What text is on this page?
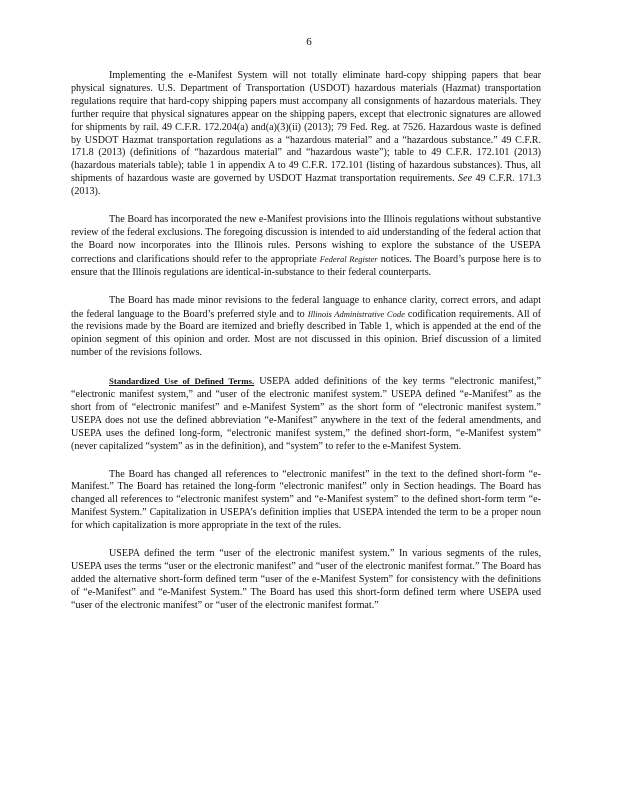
6

Implementing the e-Manifest System will not totally eliminate hard-copy shipping papers that bear physical signatures. U.S. Department of Transportation (USDOT) hazardous materials (Hazmat) transportation regulations require that hard-copy shipping papers must accompany all consignments of hazardous materials. They further require that physical signatures appear on the shipping papers, except that electronic signatures are allowed for shipments by rail. 49 C.F.R. 172.204(a) and(a)(3)(ii) (2013); 79 Fed. Reg. at 7526. Hazardous waste is defined by USDOT Hazmat transportation regulations as a “hazardous material” and a “hazardous substance.” 49 C.F.R. 171.8 (2013) (definitions of “hazardous material” and “hazardous waste”); table to 49 C.F.R. 172.101 (2013) (hazardous materials table); table 1 in appendix A to 49 C.F.R. 172.101 (listing of hazardous substances). Thus, all shipments of hazardous waste are governed by USDOT Hazmat transportation requirements. See 49 C.F.R. 171.3 (2013).

The Board has incorporated the new e-Manifest provisions into the Illinois regulations without substantive review of the federal exclusions. The foregoing discussion is intended to aid understanding of the federal action that the Board now incorporates into the Illinois rules. Persons wishing to explore the substance of the USEPA corrections and clarifications should refer to the appropriate Federal Register notices. The Board’s purpose here is to ensure that the Illinois regulations are identical-in-substance to their federal counterparts.

The Board has made minor revisions to the federal language to enhance clarity, correct errors, and adapt the federal language to the Board’s preferred style and to Illinois Administrative Code codification requirements. All of the revisions made by the Board are itemized and briefly described in Table 1, which is appended at the end of the opinion segment of this opinion and order. Most are not discussed in this opinion. Brief discussion of a limited number of the revisions follows.

Standardized Use of Defined Terms. USEPA added definitions of the key terms “electronic manifest,” “electronic manifest system,” and “user of the electronic manifest system.” USEPA defined “e-Manifest” as the short from of “electronic manifest” and e-Manifest System” as the short form of “electronic manifest system.” USEPA does not use the defined abbreviation “e-Manifest” anywhere in the text of the federal amendments, and USEPA uses the defined long-form, “electronic manifest system,” the defined short-form, “e-Manifest system” (never capitalized “system” as in the definition), and “system” to refer to the e-Manifest System.

The Board has changed all references to “electronic manifest” in the text to the defined short-form “e-Manifest.” The Board has retained the long-form “electronic manifest” only in Section headings. The Board has changed all references to “electronic manifest system” and “e-Manifest system” to the defined short-form term “e-Manifest System.” Capitalization in USEPA’s definition implies that USEPA intended the term to be a proper noun for which capitalization is more appropriate in the text of the rules.

USEPA defined the term “user of the electronic manifest system.” In various segments of the rules, USEPA uses the terms “user or the electronic manifest” and “user of the electronic manifest format.” The Board has added the alternative short-form defined term “user of the e-Manifest System” for consistency with the definitions of “e-Manifest” and “e-Manifest System.” The Board has used this short-form defined term where USEPA used “user of the electronic manifest” or “user of the electronic manifest format.”
